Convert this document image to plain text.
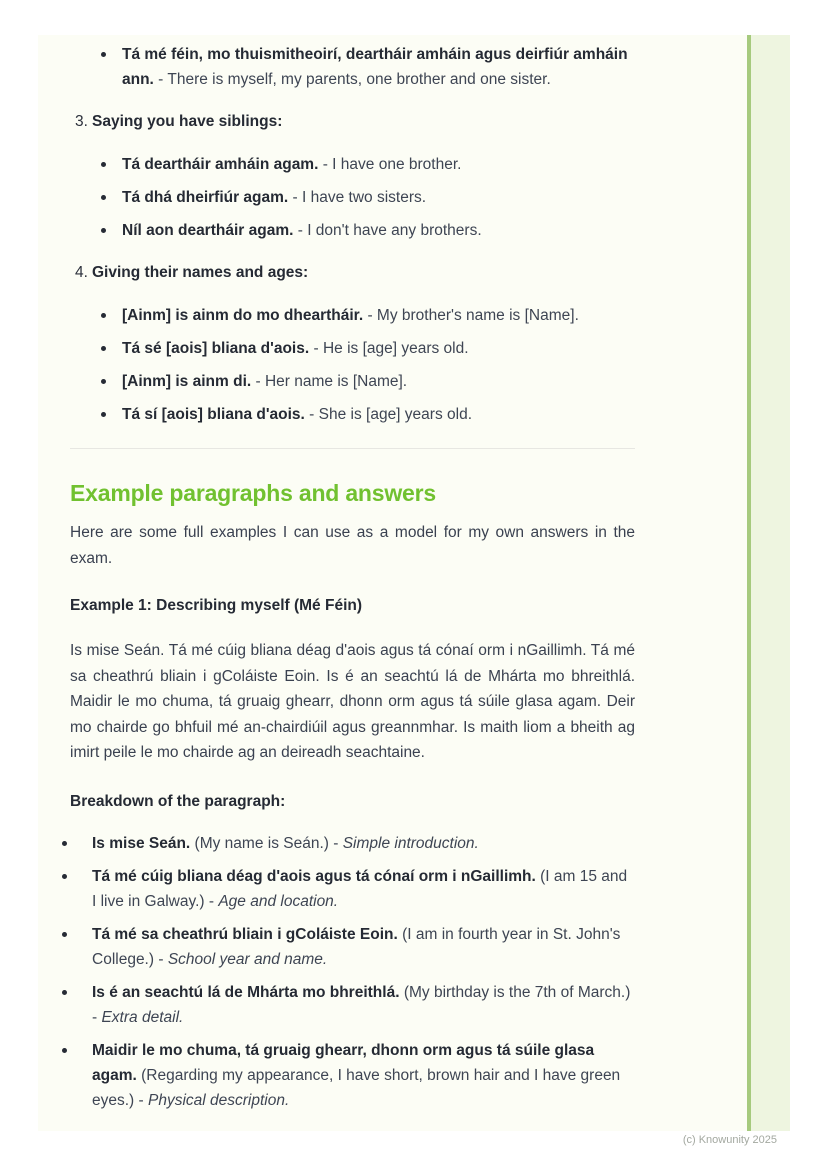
Tá mé féin, mo thuismitheoirí, deartháir amháin agus deirfiúr amháin ann. - There is myself, my parents, one brother and one sister.
3. Saying you have siblings:
Tá deartháir amháin agam. - I have one brother.
Tá dhá dheirfiúr agam. - I have two sisters.
Níl aon deartháir agam. - I don't have any brothers.
4. Giving their names and ages:
[Ainm] is ainm do mo dheartháir. - My brother's name is [Name].
Tá sé [aois] bliana d'aois. - He is [age] years old.
[Ainm] is ainm di. - Her name is [Name].
Tá sí [aois] bliana d'aois. - She is [age] years old.
Example paragraphs and answers

Here are some full examples I can use as a model for my own answers in the exam.

Example 1: Describing myself (Mé Féin)

Is mise Seán. Tá mé cúig bliana déag d'aois agus tá cónaí orm i nGaillimh. Tá mé sa cheathrú bliain i gColáiste Eoin. Is é an seachtú lá de Mhárta mo bhreithlá. Maidir le mo chuma, tá gruaig ghearr, dhonn orm agus tá súile glasa agam. Deir mo chairde go bhfuil mé an-chairdiúil agus greannmhar. Is maith liom a bheith ag imirt peile le mo chairde ag an deireadh seachtaine.

Breakdown of the paragraph:
Is mise Seán. (My name is Seán.) - Simple introduction.
Tá mé cúig bliana déag d'aois agus tá cónaí orm i nGaillimh. (I am 15 and I live in Galway.) - Age and location.
Tá mé sa cheathrú bliain i gColáiste Eoin. (I am in fourth year in St. John's College.) - School year and name.
Is é an seachtú lá de Mhárta mo bhreithlá. (My birthday is the 7th of March.) - Extra detail.
Maidir le mo chuma, tá gruaig ghearr, dhonn orm agus tá súile glasa agam. (Regarding my appearance, I have short, brown hair and I have green eyes.) - Physical description.
(c) Knowunity 2025
